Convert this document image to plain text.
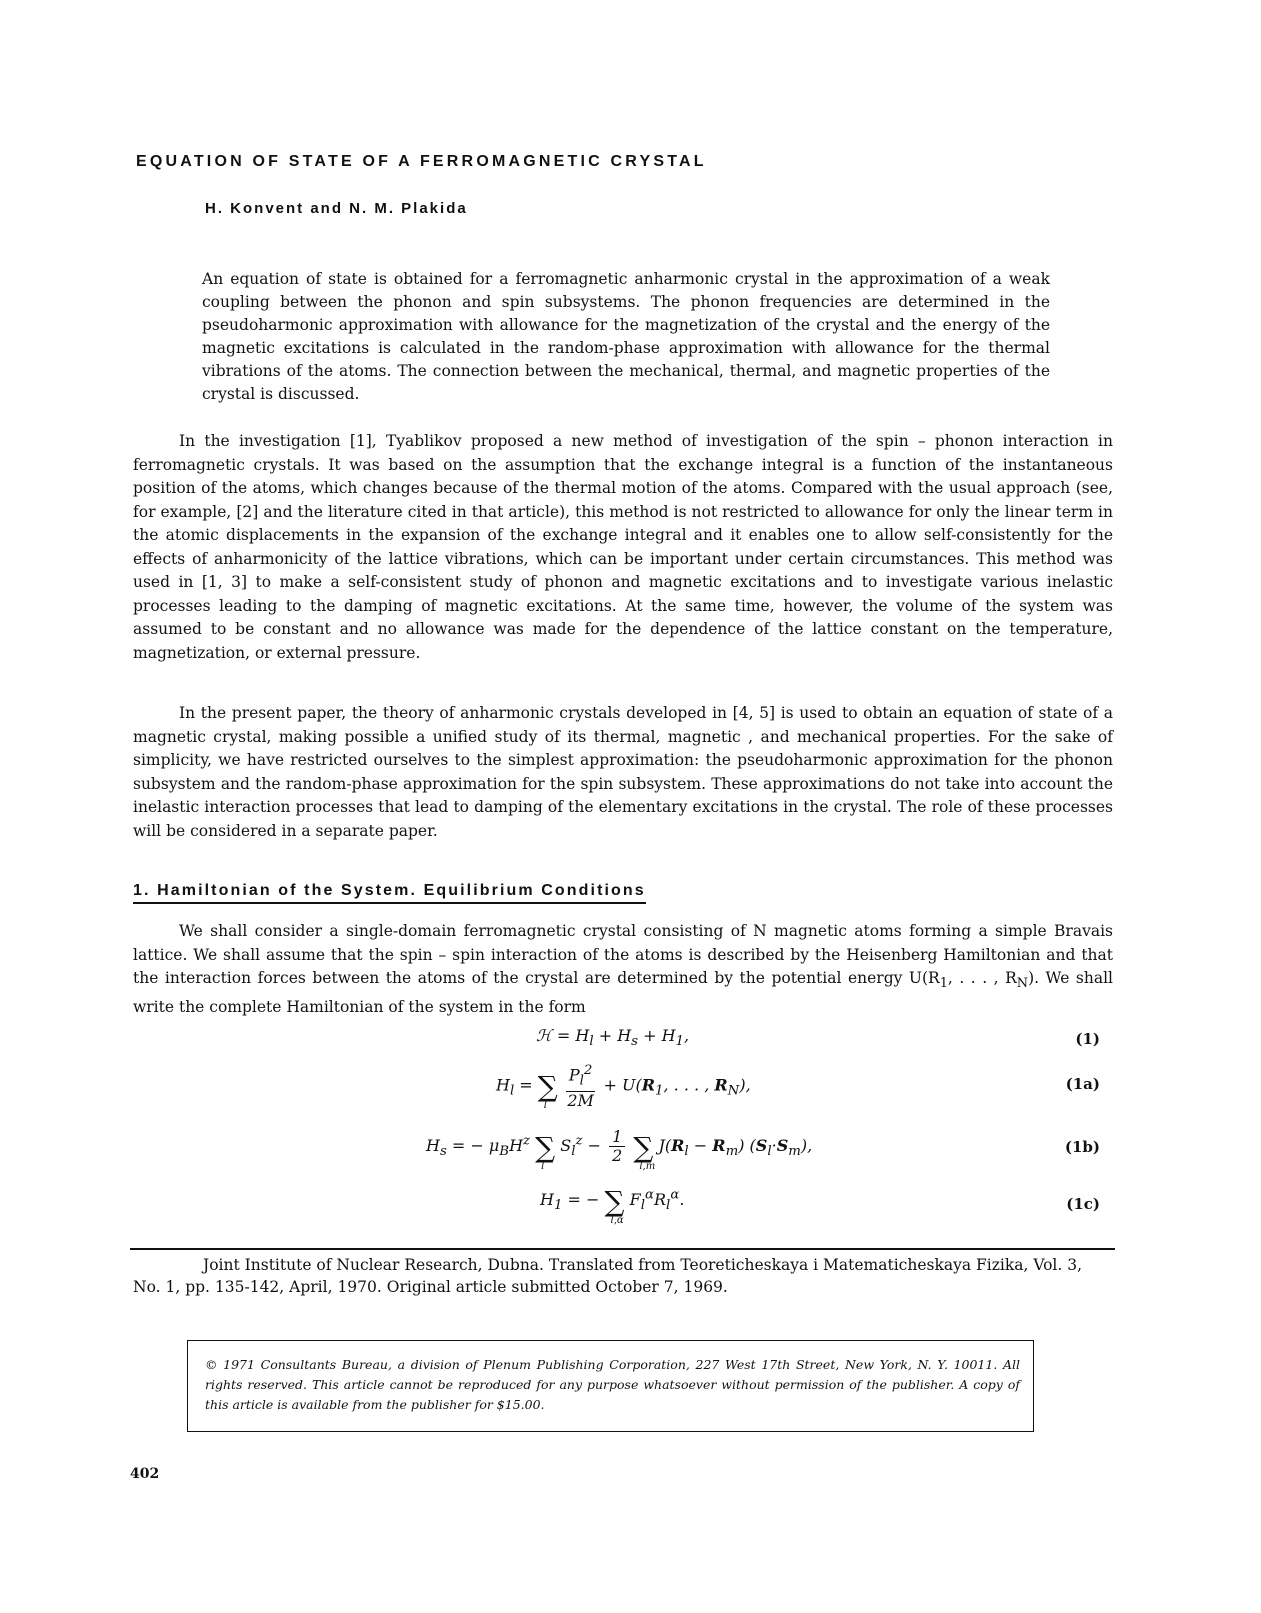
EQUATION OF STATE OF A FERROMAGNETIC CRYSTAL
H. Konvent and N. M. Plakida
An equation of state is obtained for a ferromagnetic anharmonic crystal in the approximation of a weak coupling between the phonon and spin subsystems. The phonon frequencies are determined in the pseudoharmonic approximation with allowance for the magnetization of the crystal and the energy of the magnetic excitations is calculated in the random-phase approximation with allowance for the thermal vibrations of the atoms. The connection between the mechanical, thermal, and magnetic properties of the crystal is discussed.

In the investigation [1], Tyablikov proposed a new method of investigation of the spin – phonon interaction in ferromagnetic crystals. It was based on the assumption that the exchange integral is a function of the instantaneous position of the atoms, which changes because of the thermal motion of the atoms. Compared with the usual approach (see, for example, [2] and the literature cited in that article), this method is not restricted to allowance for only the linear term in the atomic displacements in the expansion of the exchange integral and it enables one to allow self-consistently for the effects of anharmonicity of the lattice vibrations, which can be important under certain circumstances. This method was used in [1, 3] to make a self-consistent study of phonon and magnetic excitations and to investigate various inelastic processes leading to the damping of magnetic excitations. At the same time, however, the volume of the system was assumed to be constant and no allowance was made for the dependence of the lattice constant on the temperature, magnetization, or external pressure.

In the present paper, the theory of anharmonic crystals developed in [4, 5] is used to obtain an equation of state of a magnetic crystal, making possible a unified study of its thermal, magnetic , and mechanical properties. For the sake of simplicity, we have restricted ourselves to the simplest approximation: the pseudoharmonic approximation for the phonon subsystem and the random-phase approximation for the spin subsystem. These approximations do not take into account the inelastic interaction processes that lead to damping of the elementary excitations in the crystal. The role of these processes will be considered in a separate paper.

1. Hamiltonian of the System. Equilibrium Conditions

We shall consider a single-domain ferromagnetic crystal consisting of N magnetic atoms forming a simple Bravais lattice. We shall assume that the spin – spin interaction of the atoms is described by the Heisenberg Hamiltonian and that the interaction forces between the atoms of the crystal are determined by the potential energy $U(R_1$, . . . , $R_N$). We shall write the complete Hamiltonian of the system in the form

ℋ = $H_l + H_s + H_1$,	(1)
$H_l$ = ∑
l
$\frac{P_l^2}{2M} + U(R_1$, . . . , $R_N$),	(1a)
$H_s$ = − $\mu_BH^z$ ∑
l
$S_l^z - \frac{1}{2}$ ∑
l,m
$J(R_l - R_m)$ $(S_l\cdot S_m)$,	(1b)
$H_1$ = − ∑
l,α
$F_l^\alpha R_l^\alpha$.	(1c)

Joint Institute of Nuclear Research, Dubna. Translated from Teoreticheskaya i Matematicheskaya Fizika, Vol. 3, No. 1, pp. 135-142, April, 1970. Original article submitted October 7, 1969.

© 1971 Consultants Bureau, a division of Plenum Publishing Corporation, 227 West 17th Street, New York, N. Y. 10011. All rights reserved. This article cannot be reproduced for any purpose whatsoever without permission of the publisher. A copy of this article is available from the publisher for $15.00.
402
